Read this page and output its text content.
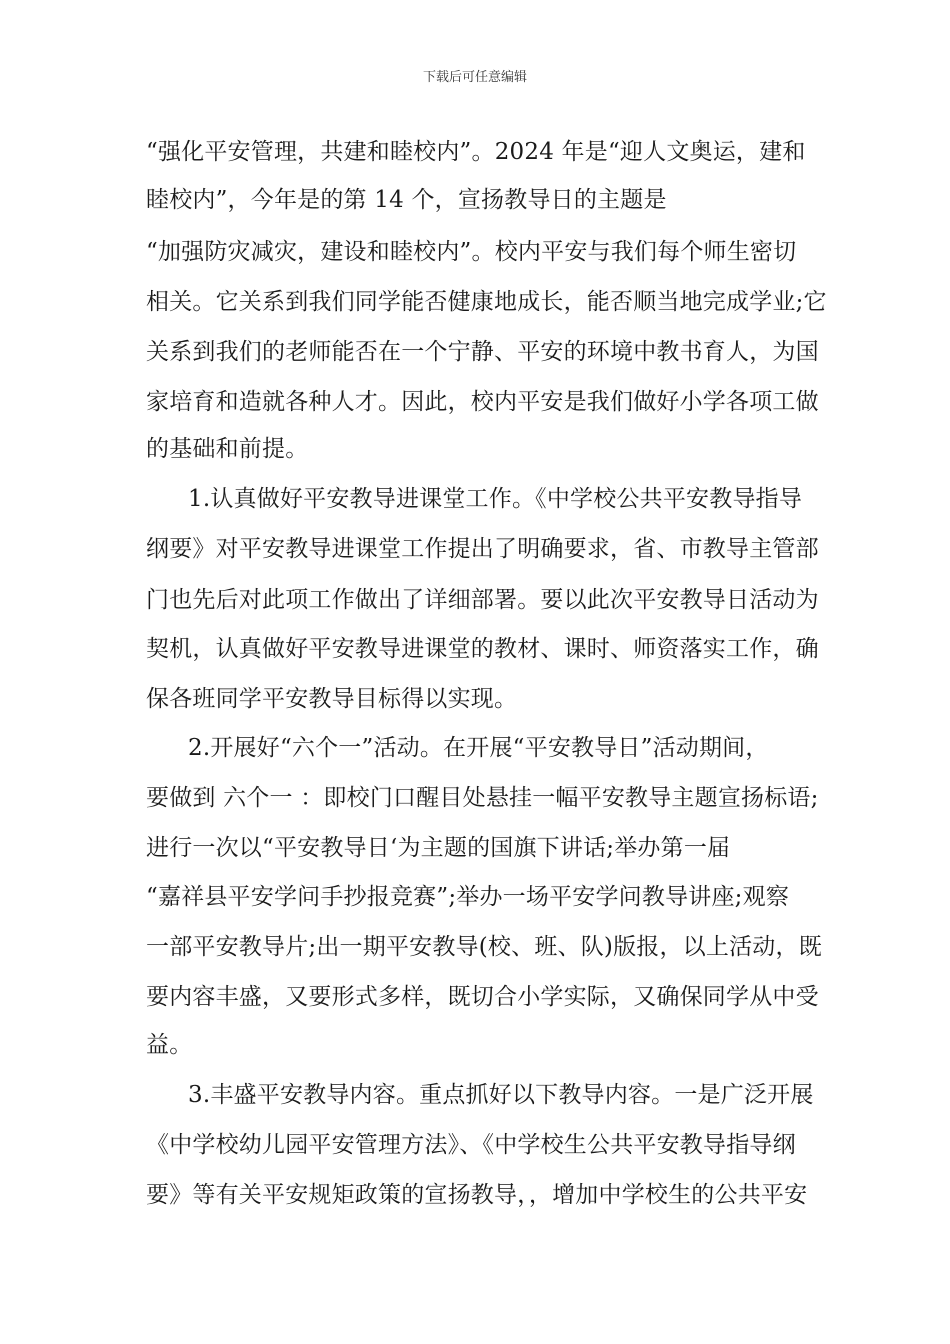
下载后可任意编辑
“强化平安管理，共建和睦校内”。2024 年是“迎人文奥运，建和
睦校内”，今年是的第 14 个，宣扬教导日的主题是
“加强防灾减灾，建设和睦校内”。校内平安与我们每个师生密切
相关。它关系到我们同学能否健康地成长，能否顺当地完成学业;它
关系到我们的老师能否在一个宁静、平安的环境中教书育人，为国
家培育和造就各种人才。因此，校内平安是我们做好小学各项工做
的基础和前提。
1.认真做好平安教导进课堂工作。《中学校公共平安教导指导
纲要》对平安教导进课堂工作提出了明确要求，省、市教导主管部
门也先后对此项工作做出了详细部署。要以此次平安教导日活动为
契机，认真做好平安教导进课堂的教材、课时、师资落实工作，确
保各班同学平安教导目标得以实现。
2.开展好“六个一”活动。在开展“平安教导日”活动期间，
要做到 六个一 ：即校门口醒目处悬挂一幅平安教导主题宣扬标语;
进行一次以“平安教导日‘为主题的国旗下讲话;举办第一届
“嘉祥县平安学问手抄报竞赛”;举办一场平安学问教导讲座;观察
一部平安教导片;出一期平安教导(校、班、队)版报，以上活动，既
要内容丰盛，又要形式多样，既切合小学实际，又确保同学从中受
益。
3.丰盛平安教导内容。重点抓好以下教导内容。一是广泛开展
《中学校幼儿园平安管理方法》、《中学校生公共平安教导指导纲
要》等有关平安规矩政策的宣扬教导，，增加中学校生的公共平安
